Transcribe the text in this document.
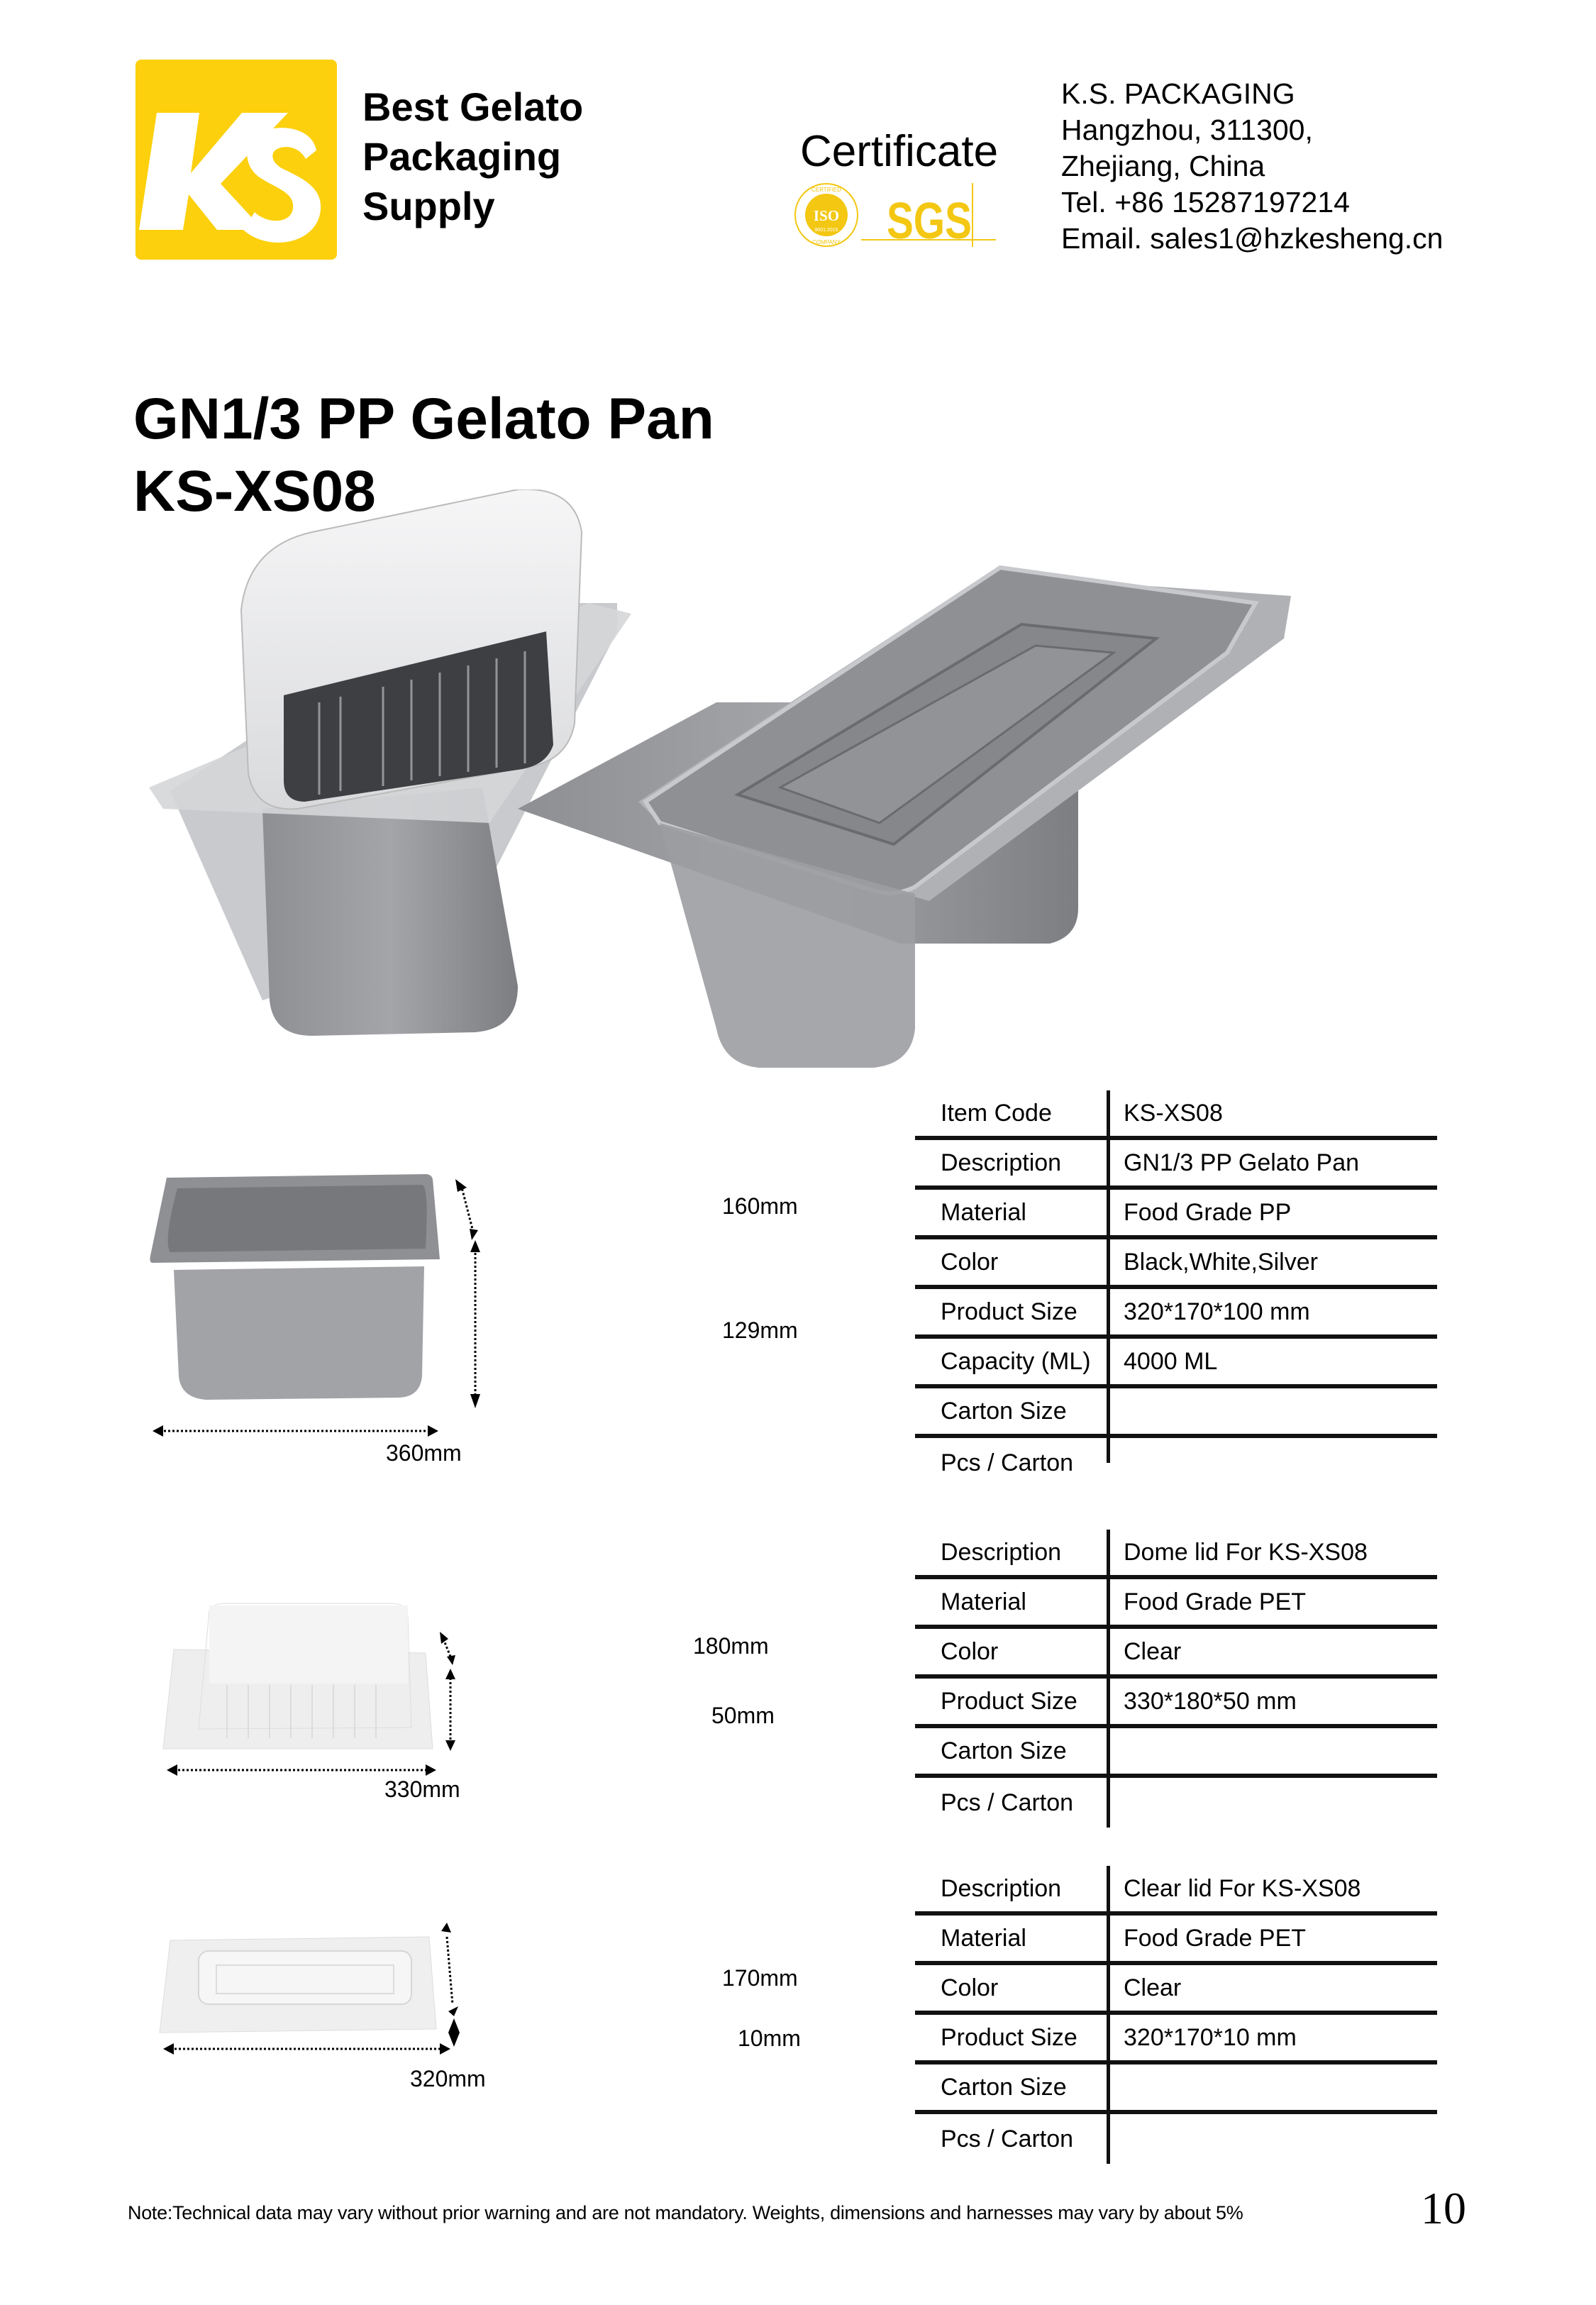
Best Gelato
Packaging
Supply
Certificate
ISO
9001:2015
CERTIFIED
COMPANY SGS
K.S. PACKAGING
Hangzhou, 311300,
Zhejiang, China
Tel. +86 15287197214
Email. sales1@hzkesheng.cn
GN1/3 PP Gelato Pan
KS-XS08
160mm
129mm
360mm
180mm
50mm
330mm
170mm
10mm
320mm
Item Code	KS-XS08
Description	GN1/3 PP Gelato Pan
Material	Food Grade PP
Color	Black,White,Silver
Product Size	320*170*100 mm
Capacity (ML)	4000 ML
Carton Size
Pcs / Carton
Description	Dome lid For KS-XS08
Material	Food Grade PET
Color	Clear
Product Size	330*180*50 mm
Carton Size
Pcs / Carton
Description	Clear lid For KS-XS08
Material	Food Grade PET
Color	Clear
Product Size	320*170*10 mm
Carton Size
Pcs / Carton
Note:Technical data may vary without prior warning and are not mandatory. Weights, dimensions and harnesses may vary by about 5%	10
